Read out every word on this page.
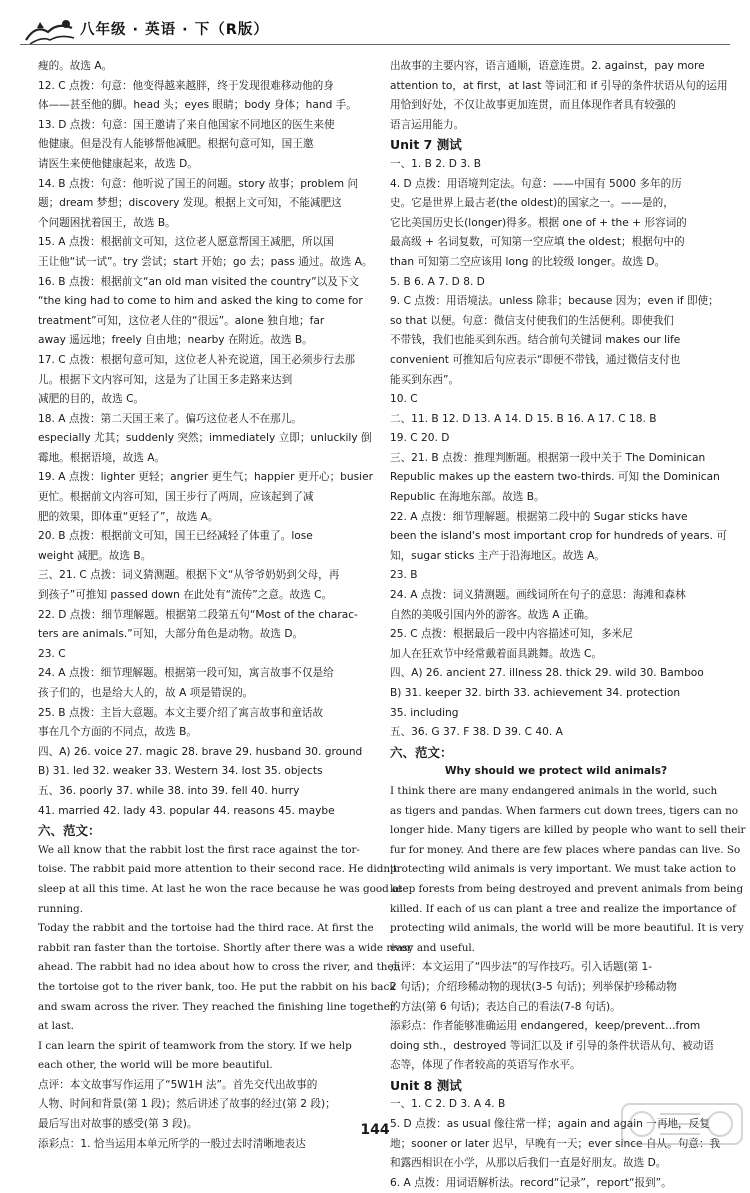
八年级 · 英语 · 下（R版）
瘦的。故选 A。
12. C 点拨：句意：他变得越来越胖，终于发现很难移动他的身
体——甚至他的脚。head 头；eyes 眼睛；body 身体；hand 手。
13. D 点拨：句意：国王邀请了来自他国家不同地区的医生来使
他健康。但是没有人能够帮他减肥。根据句意可知，国王邀
请医生来使他健康起来，故选 D。
14. B 点拨：句意：他听说了国王的问题。story 故事；problem 问
题；dream 梦想；discovery 发现。根据上文可知，不能减肥这
个问题困扰着国王，故选 B。
15. A 点拨：根据前文可知，这位老人愿意帮国王减肥，所以国
王让他“试一试”。try 尝试；start 开始；go 去；pass 通过。故选 A。
16. B 点拨：根据前文“an old man visited the country”以及下文
“the king had to come to him and asked the king to come for
treatment”可知，这位老人住的“很远”。alone 独自地；far
away 遥远地；freely 自由地；nearby 在附近。故选 B。
17. C 点拨：根据句意可知，这位老人补充说道，国王必须步行去那
儿。根据下文内容可知，这是为了让国王多走路来达到
减肥的目的，故选 C。
18. A 点拨：第二天国王来了。偏巧这位老人不在那儿。
especially 尤其；suddenly 突然；immediately 立即；unluckily 倒
霉地。根据语境，故选 A。
19. A 点拨：lighter 更轻；angrier 更生气；happier 更开心；busier
更忙。根据前文内容可知，国王步行了两周，应该起到了减
肥的效果，即体重“更轻了”，故选 A。
20. B 点拨：根据前文可知，国王已经减轻了体重了。lose
weight 减肥。故选 B。
三、21. C 点拨：词义猜测题。根据下文“从爷爷奶奶到父母，再
到孩子”可推知 passed down 在此处有“流传”之意。故选 C。
22. D 点拨：细节理解题。根据第二段第五句“Most of the charac-
ters are animals.”可知，大部分角色是动物。故选 D。
23. C
24. A 点拨：细节理解题。根据第一段可知，寓言故事不仅是给
孩子们的，也是给大人的，故 A 项是错误的。
25. B 点拨：主旨大意题。本文主要介绍了寓言故事和童话故
事在几个方面的不同点，故选 B。
四、A) 26. voice 27. magic 28. brave 29. husband 30. ground
B) 31. led 32. weaker 33. Western 34. lost 35. objects
五、36. poorly 37. while 38. into 39. fell 40. hurry
41. married 42. lady 43. popular 44. reasons 45. maybe
六、范文：
We all know that the rabbit lost the first race against the tor-
toise. The rabbit paid more attention to their second race. He didn't
sleep at all this time. At last he won the race because he was good at
running.
Today the rabbit and the tortoise had the third race. At first the
rabbit ran faster than the tortoise. Shortly after there was a wide river
ahead. The rabbit had no idea about how to cross the river, and then
the tortoise got to the river bank, too. He put the rabbit on his back
and swam across the river. They reached the finishing line together
at last.
I can learn the spirit of teamwork from the story. If we help
each other, the world will be more beautiful.
点评：本文故事写作运用了“5W1H 法”。首先交代出故事的
人物、时间和背景(第 1 段)；然后讲述了故事的经过(第 2 段)；
最后写出对故事的感受(第 3 段)。
添彩点：1. 恰当运用本单元所学的一般过去时清晰地表达
出故事的主要内容，语言通顺，语意连贯。2. against，pay more
attention to，at first，at last 等词汇和 if 引导的条件状语从句的运用
用恰到好处，不仅让故事更加连贯，而且体现作者具有较强的
语言运用能力。
Unit 7 测试
一、1. B 2. D 3. B
4. D 点拨：用语境判定法。句意：——中国有 5000 多年的历
史。它是世界上最古老(the oldest)的国家之一。——是的，
它比美国历史长(longer)得多。根据 one of + the + 形容词的
最高级 + 名词复数，可知第一空应填 the oldest；根据句中的
than 可知第二空应该用 long 的比较级 longer。故选 D。
5. B 6. A 7. D 8. D
9. C 点拨：用语境法。unless 除非；because 因为；even if 即使；
so that 以便。句意：微信支付使我们的生活便利。即使我们
不带钱，我们也能买到东西。结合前句关键词 makes our life
convenient 可推知后句应表示“即便不带钱，通过微信支付也
能买到东西”。
10. C
二、11. B 12. D 13. A 14. D 15. B 16. A 17. C 18. B
19. C 20. D
三、21. B 点拨：推理判断题。根据第一段中关于 The Dominican
Republic makes up the eastern two-thirds. 可知 the Dominican
Republic 在海地东部。故选 B。
22. A 点拨：细节理解题。根据第二段中的 Sugar sticks have
been the island's most important crop for hundreds of years. 可
知，sugar sticks 主产于沿海地区。故选 A。
23. B
24. A 点拨：词义猜测题。画线词所在句子的意思：海滩和森林
自然的美吸引国内外的游客。故选 A 正确。
25. C 点拨：根据最后一段中内容描述可知，多米尼
加人在狂欢节中经常戴着面具跳舞。故选 C。
四、A) 26. ancient 27. illness 28. thick 29. wild 30. Bamboo
B) 31. keeper 32. birth 33. achievement 34. protection
35. including
五、36. G 37. F 38. D 39. C 40. A
六、范文：
Why should we protect wild animals?
I think there are many endangered animals in the world, such
as tigers and pandas. When farmers cut down trees, tigers can no
longer hide. Many tigers are killed by people who want to sell their
fur for money. And there are few places where pandas can live. So
protecting wild animals is very important. We must take action to
keep forests from being destroyed and prevent animals from being
killed. If each of us can plant a tree and realize the importance of
protecting wild animals, the world will be more beautiful. It is very
easy and useful.
点评：本文运用了“四步法”的写作技巧。引入话题(第 1-
2 句话)；介绍珍稀动物的现状(3-5 句话)；列举保护珍稀动物
的方法(第 6 句话)；表达自己的看法(7-8 句话)。
添彩点：作者能够准确运用 endangered，keep/prevent…from
doing sth.，destroyed 等词汇以及 if 引导的条件状语从句、被动语
态等，体现了作者较高的英语写作水平。
Unit 8 测试
一、1. C 2. D 3. A 4. B
5. D 点拨：as usual 像往常一样；again and again 一再地，反复
地；sooner or later 迟早，早晚有一天；ever since 自从。句意：我
和露西相识在小学，从那以后我们一直是好朋友。故选 D。
6. A 点拨：用词语解析法。record“记录”，report“报到”。
144
